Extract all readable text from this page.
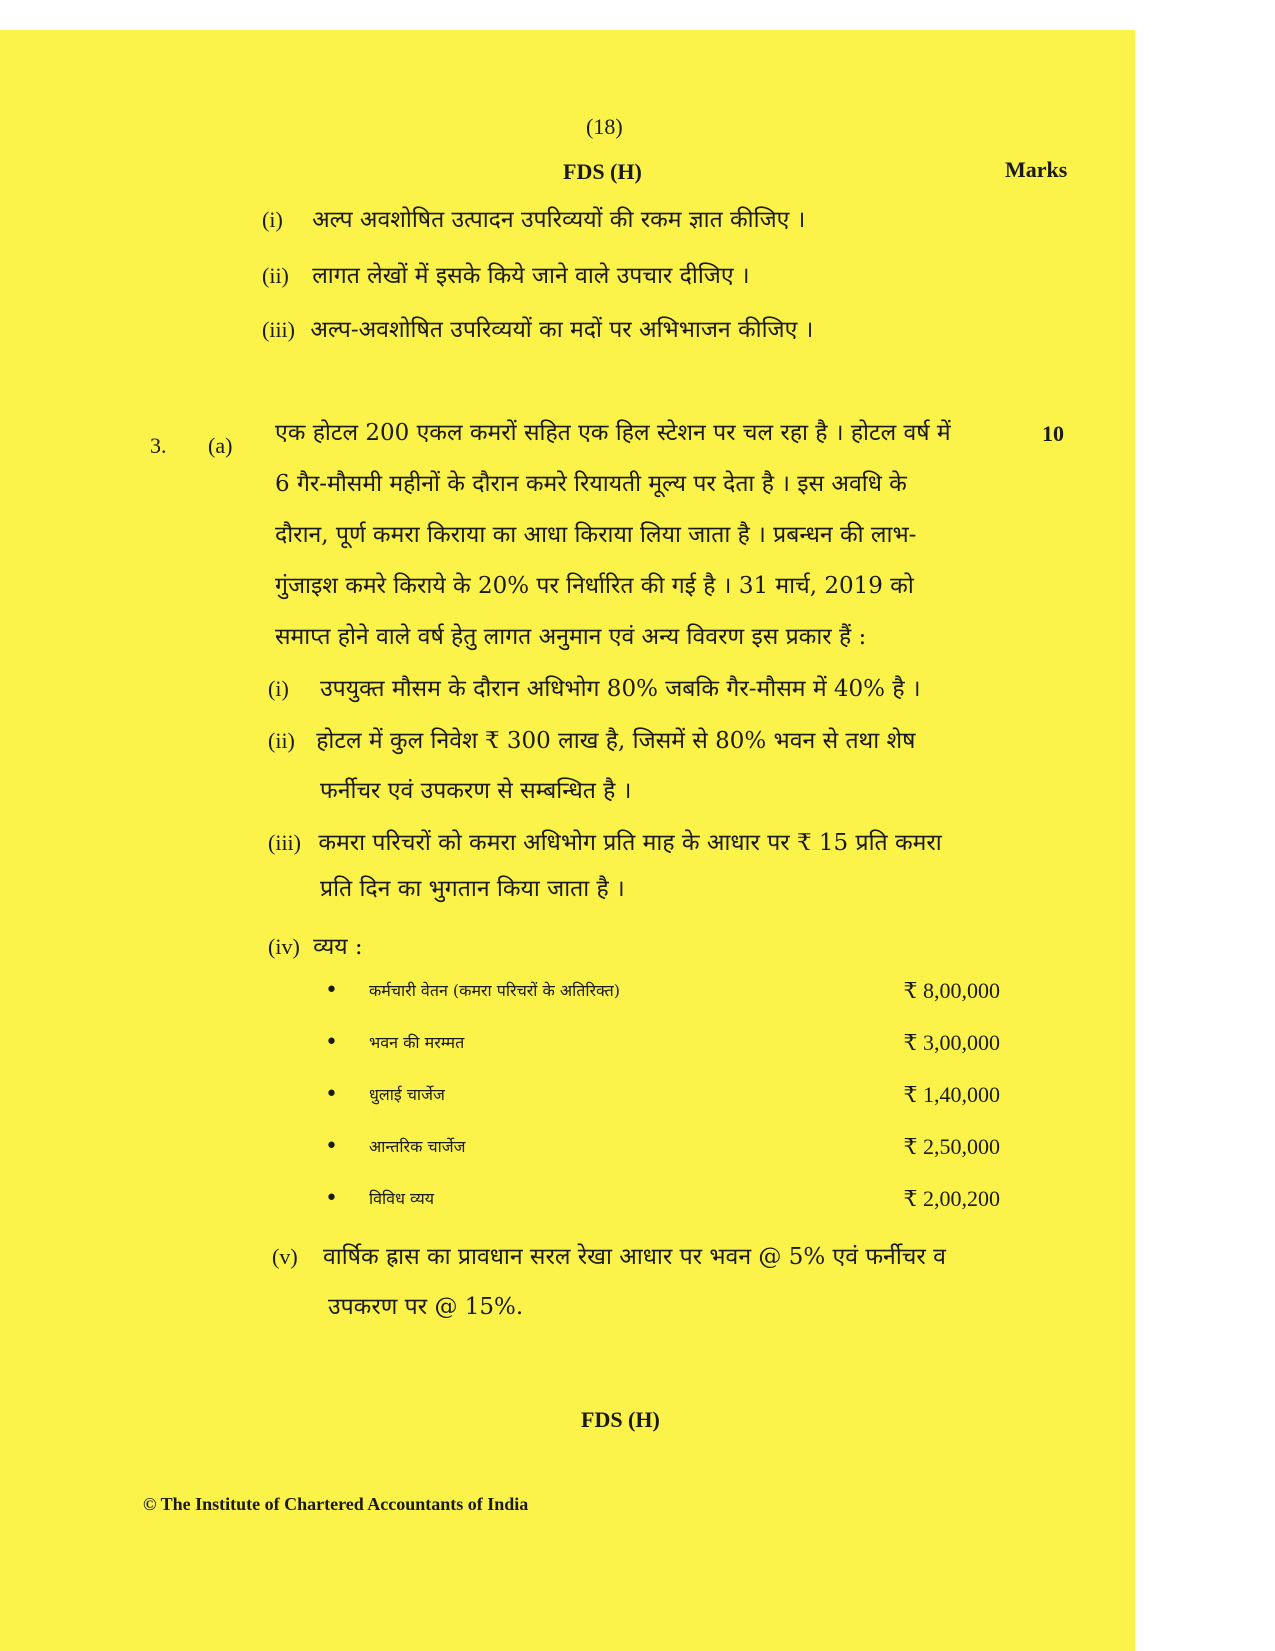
(18)
FDS (H)	Marks
(i) अल्प अवशोषित उत्पादन उपरिव्ययों की रकम ज्ञात कीजिए ।
(ii) लागत लेखों में इसके किये जाने वाले उपचार दीजिए ।
(iii) अल्प-अवशोषित उपरिव्ययों का मदों पर अभिभाजन कीजिए ।
3. (a)	10
एक होटल 200 एकल कमरों सहित एक हिल स्टेशन पर चल रहा है । होटल वर्ष में
6 गैर-मौसमी महीनों के दौरान कमरे रियायती मूल्य पर देता है । इस अवधि के
दौरान, पूर्ण कमरा किराया का आधा किराया लिया जाता है । प्रबन्धन की लाभ-
गुंजाइश कमरे किराये के 20% पर निर्धारित की गई है । 31 मार्च, 2019 को
समाप्त होने वाले वर्ष हेतु लागत अनुमान एवं अन्य विवरण इस प्रकार हैं :
(i) उपयुक्त मौसम के दौरान अधिभोग 80% जबकि गैर-मौसम में 40% है ।
(ii) होटल में कुल निवेश ₹ 300 लाख है, जिसमें से 80% भवन से तथा शेष
फर्नीचर एवं उपकरण से सम्बन्धित है ।
(iii) कमरा परिचरों को कमरा अधिभोग प्रति माह के आधार पर ₹ 15 प्रति कमरा
प्रति दिन का भुगतान किया जाता है ।
(iv) व्यय :
• कर्मचारी वेतन (कमरा परिचरों के अतिरिक्त)	₹ 8,00,000
• भवन की मरम्मत	₹ 3,00,000
• धुलाई चार्जेज	₹ 1,40,000
• आन्तरिक चार्जेज	₹ 2,50,000
• विविध व्यय	₹ 2,00,200
(v) वार्षिक ह्रास का प्रावधान सरल रेखा आधार पर भवन @ 5% एवं फर्नीचर व
उपकरण पर @ 15%.
FDS (H)
© The Institute of Chartered Accountants of India
